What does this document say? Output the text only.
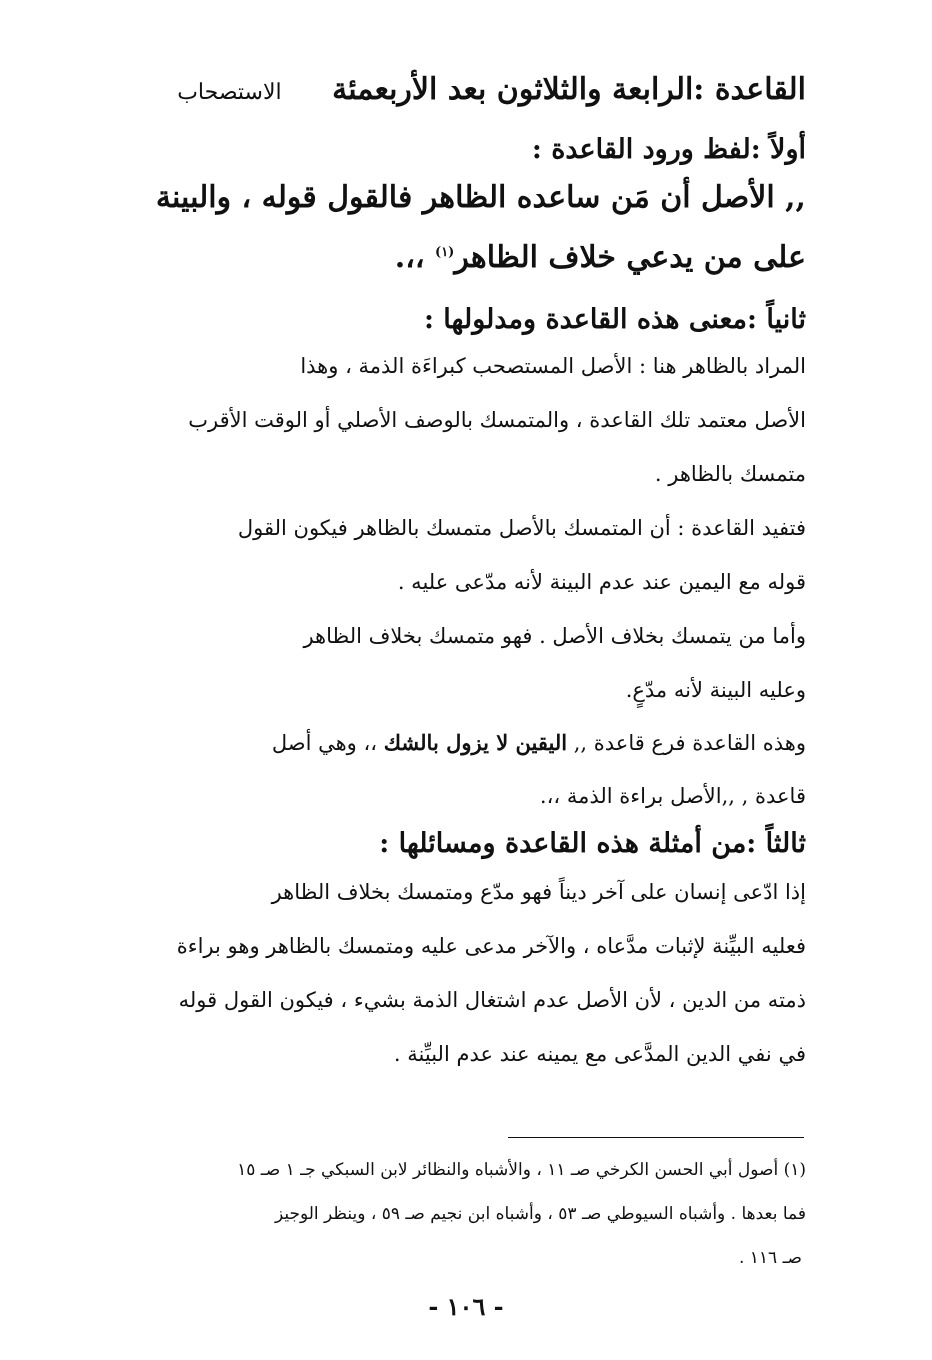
القاعدة :الرابعة والثلاثون بعد الأربعمئة الاستصحاب
أولاً :لفظ ورود القاعدة :
,, الأصل أن مَن ساعده الظاهر فالقول قوله ، والبينة
على من يدعي خلاف الظاهر$^{(١)}$ ،،.
ثانياً :معنى هذه القاعدة ومدلولها :
المراد بالظاهر هنا : الأصل المستصحب كبراءَة الذمة ، وهذا
الأصل معتمد تلك القاعدة ، والمتمسك بالوصف الأصلي أو الوقت الأقرب
متمسك بالظاهر .
فتفيد القاعدة : أن المتمسك بالأصل متمسك بالظاهر فيكون القول
قوله مع اليمين عند عدم البينة لأنه مدّعى عليه .
وأما من يتمسك بخلاف الأصل . فهو متمسك بخلاف الظاهر
وعليه البينة لأنه مدّعٍ.
وهذه القاعدة فرع قاعدة ,, اليقين لا يزول بالشك ،، وهي أصل
قاعدة , ,,الأصل براءة الذمة ،،.
ثالثاً :من أمثلة هذه القاعدة ومسائلها :
إذا ادّعى إنسان على آخر ديناً فهو مدّع ومتمسك بخلاف الظاهر
فعليه البيِّنة لإثبات مدَّعاه ، والآخر مدعى عليه ومتمسك بالظاهر وهو براءة
ذمته من الدين ، لأن الأصل عدم اشتغال الذمة بشيء ، فيكون القول قوله
في نفي الدين المدَّعى مع يمينه عند عدم البيِّنة .
(١) أصول أبي الحسن الكرخي صـ ١١ ، والأشباه والنظائر لابن السبكي جـ ١ صـ ١٥
فما بعدها . وأشباه السيوطي صـ ٥٣ ، وأشباه ابن نجيم صـ ٥٩ ، وينظر الوجيز
صـ ١١٦ .
- ١٠٦ -
